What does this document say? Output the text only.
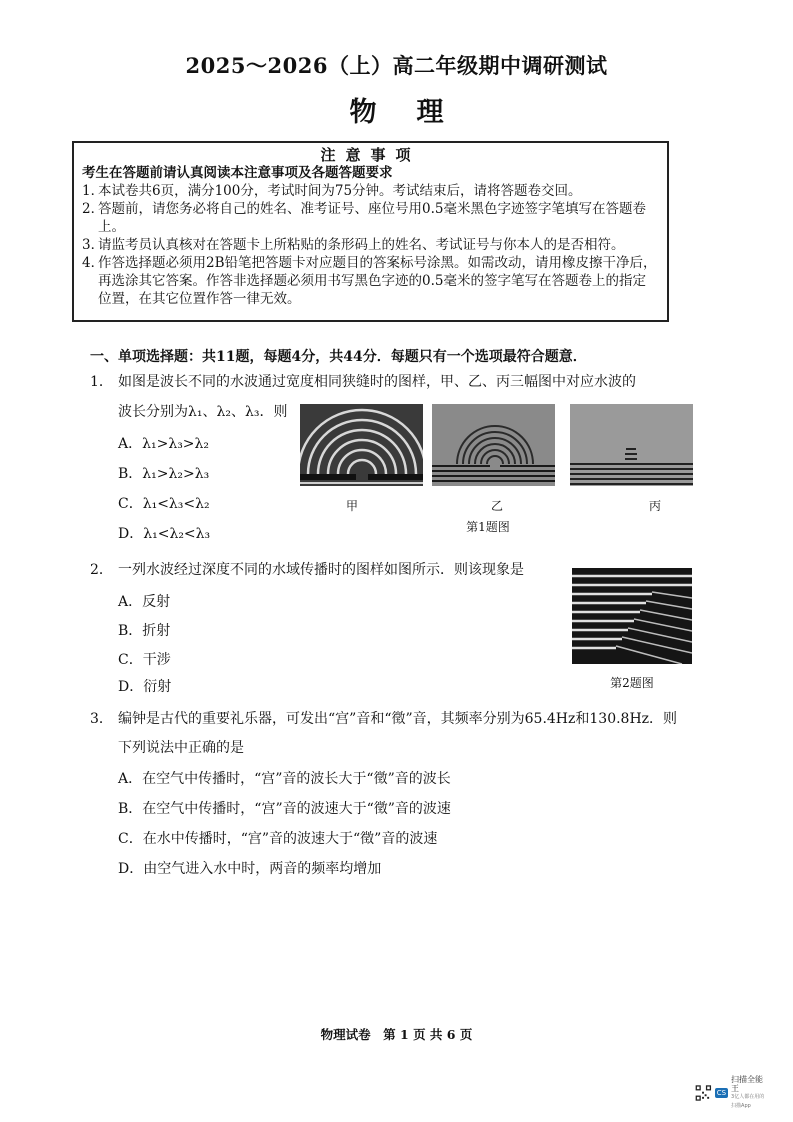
2025～2026（上）高二年级期中调研测试
物理
注意事项
考生在答题前请认真阅读本注意事项及各题答题要求
1．
本试卷共6页，满分100分，考试时间为75分钟。考试结束后，请将答题卷交回。
2．
答题前，请您务必将自己的姓名、准考证号、座位号用0.5毫米黑色字迹签字笔填写在答题卷上。
3．
请监考员认真核对在答题卡上所粘贴的条形码上的姓名、考试证号与你本人的是否相符。
4．
作答选择题必须用2B铅笔把答题卡对应题目的答案标号涂黑。如需改动，请用橡皮擦干净后，再选涂其它答案。作答非选择题必须用书写黑色字迹的0.5毫米的签字笔写在答题卷上的指定位置，在其它位置作答一律无效。
一、单项选择题：共11题，每题4分，共44分．每题只有一个选项最符合题意．
1． 如图是波长不同的水波通过宽度相同狭缝时的图样，甲、乙、丙三幅图中对应水波的
波长分别为λ₁、λ₂、λ₃．则
A．λ₁>λ₃>λ₂
B．λ₁>λ₂>λ₃
C．λ₁<λ₃<λ₂
D．λ₁<λ₂<λ₃
甲	乙	丙
第1题图
2． 一列水波经过深度不同的水域传播时的图样如图所示．则该现象是
A．反射
B．折射
C．干涉
D．衍射	第2题图
3． 编钟是古代的重要礼乐器，可发出“宫”音和“徵”音，其频率分别为65.4Hz和130.8Hz．则
下列说法中正确的是
A．在空气中传播时，“宫”音的波长大于“徵”音的波长
B．在空气中传播时，“宫”音的波速大于“徵”音的波速
C．在水中传播时，“宫”音的波速大于“徵”音的波速
D．由空气进入水中时，两音的频率均增加
物理试卷　第 1 页 共 6 页
CS
扫描全能王
3亿人都在用的扫描App
